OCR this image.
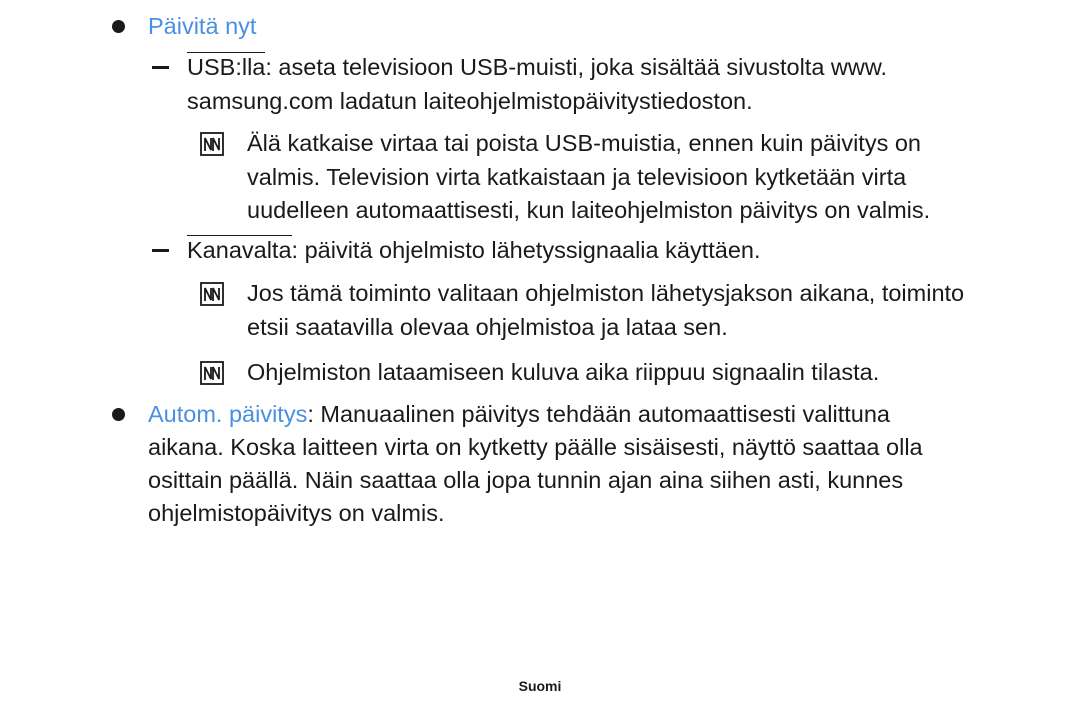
Päivitä nyt
USB:lla: aseta televisioon USB-muisti, joka sisältää sivustolta www.
samsung.com ladatun laiteohjelmistopäivitystiedoston.
Älä katkaise virtaa tai poista USB-muistia, ennen kuin päivitys on
valmis. Television virta katkaistaan ja televisioon kytketään virta
uudelleen automaattisesti, kun laiteohjelmiston päivitys on valmis.
Kanavalta: päivitä ohjelmisto lähetyssignaalia käyttäen.
Jos tämä toiminto valitaan ohjelmiston lähetysjakson aikana, toiminto
etsii saatavilla olevaa ohjelmistoa ja lataa sen.
Ohjelmiston lataamiseen kuluva aika riippuu signaalin tilasta.
Autom. päivitys: Manuaalinen päivitys tehdään automaattisesti valittuna
aikana. Koska laitteen virta on kytketty päälle sisäisesti, näyttö saattaa olla
osittain päällä. Näin saattaa olla jopa tunnin ajan aina siihen asti, kunnes
ohjelmistopäivitys on valmis.
Suomi
